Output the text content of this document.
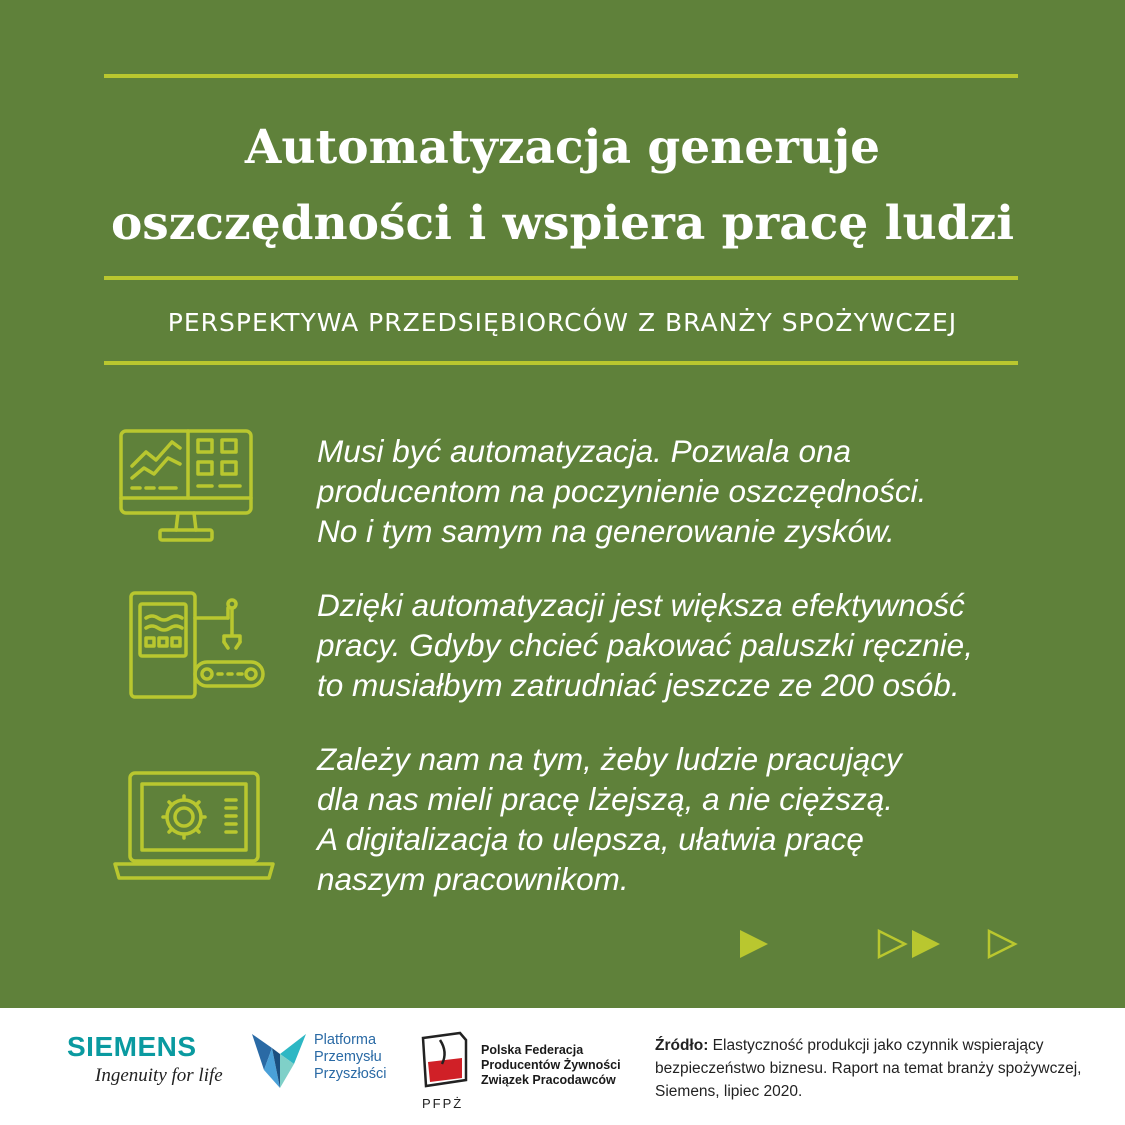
Automatyzacja generuje
oszczędności i wspiera pracę ludzi

PERSPEKTYWA PRZEDSIĘBIORCÓW Z BRANŻY SPOŻYWCZEJ

Musi być automatyzacja. Pozwala ona
producentom na poczynienie oszczędności.
No i tym samym na generowanie zysków.
Dzięki automatyzacji jest większa efektywność
pracy. Gdyby chcieć pakować paluszki ręcznie,
to musiałbym zatrudniać jeszcze ze 200 osób.
Zależy nam na tym, żeby ludzie pracujący
dla nas mieli pracę lżejszą, a nie cięższą.
A digitalizacja to ulepsza, ułatwia pracę
naszym pracownikom.
SIEMENS
Ingenuity for life
Platforma
Przemysłu
Przyszłości
PFPŻ
Polska Federacja
Producentów Żywności
Związek Pracodawców
Źródło: Elastyczność produkcji jako czynnik wspierający bezpieczeństwo biznesu. Raport na temat branży spożywczej, Siemens, lipiec 2020.
